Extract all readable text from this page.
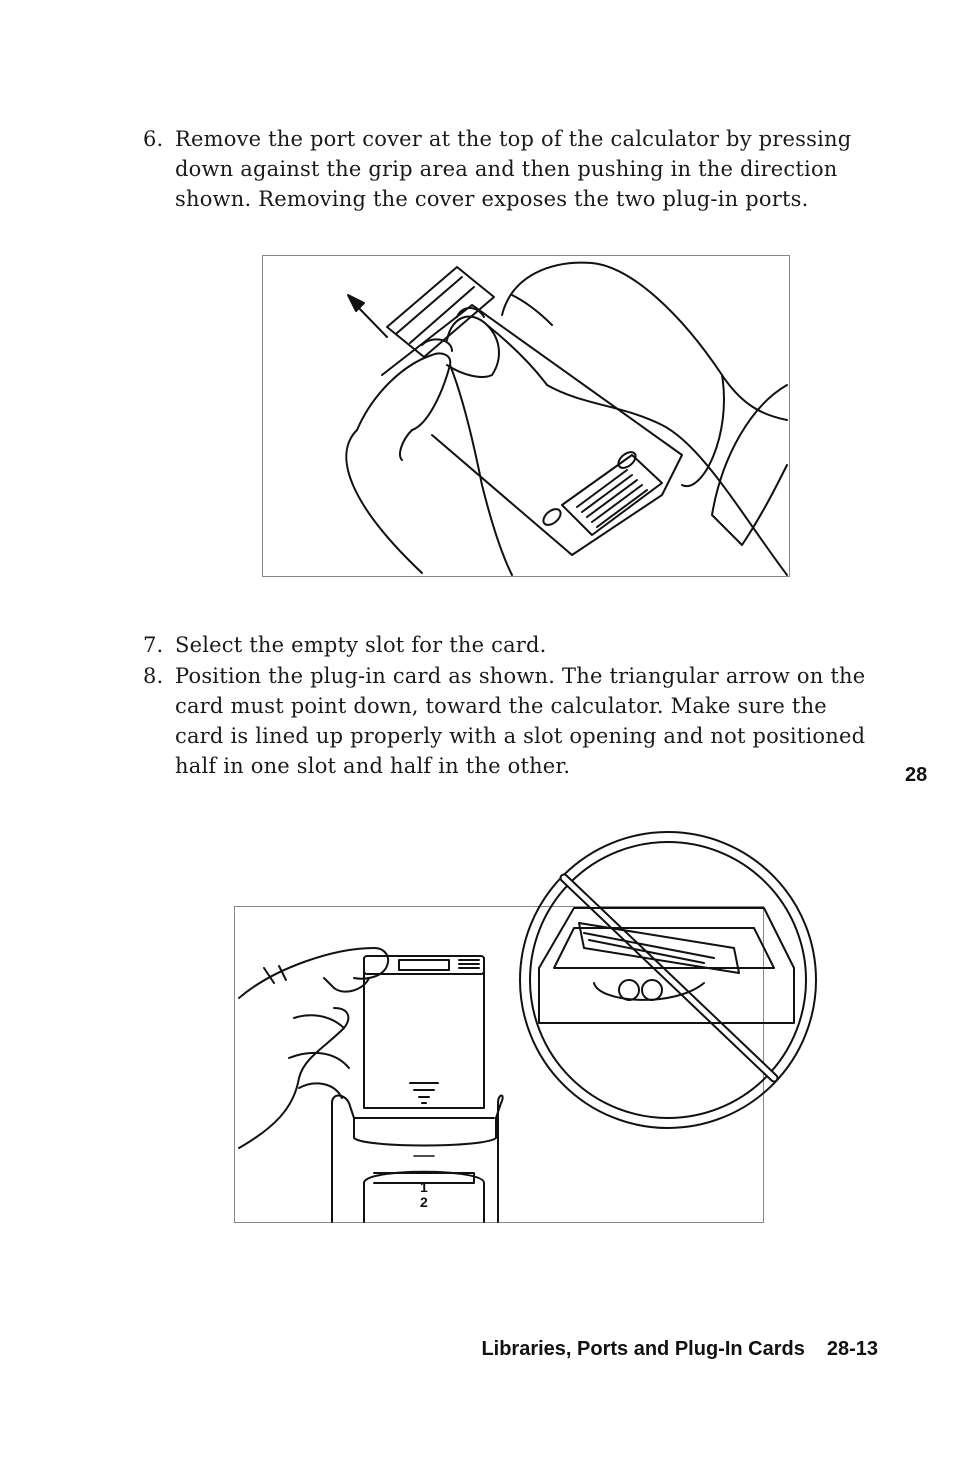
6. Remove the port cover at the top of the calculator by pressing down against the grip area and then pushing in the direction shown. Removing the cover exposes the two plug-in ports.
7. Select the empty slot for the card.
8. Position the plug-in card as shown. The triangular arrow on the card must point down, toward the calculator. Make sure the card is lined up properly with a slot opening and not positioned half in one slot and half in the other.	28
1
2
Libraries, Ports and Plug-In Cards 28-13
